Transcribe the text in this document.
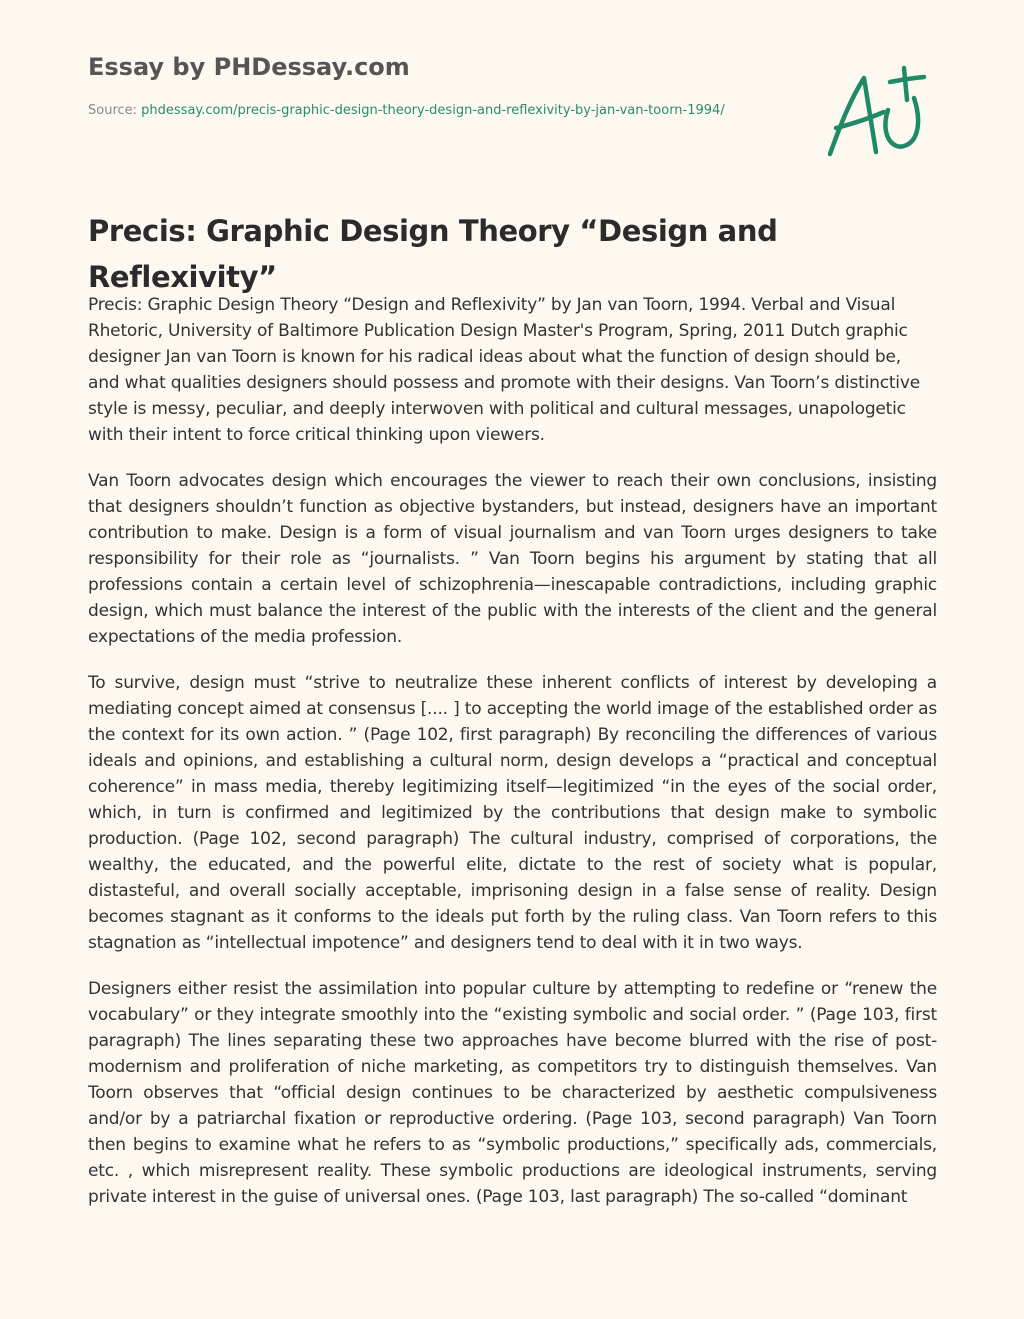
Essay by PHDessay.com
Source: phdessay.com/precis-graphic-design-theory-design-and-reflexivity-by-jan-van-toorn-1994/
Precis: Graphic Design Theory “Design and Reflexivity”

Precis: Graphic Design Theory “Design and Reflexivity” by Jan van Toorn, 1994. Verbal and Visual Rhetoric, University of Baltimore Publication Design Master's Program, Spring, 2011 Dutch graphic designer Jan van Toorn is known for his radical ideas about what the function of design should be, and what qualities designers should possess and promote with their designs. Van Toorn’s distinctive style is messy, peculiar, and deeply interwoven with political and cultural messages, unapologetic with their intent to force critical thinking upon viewers.

Van Toorn advocates design which encourages the viewer to reach their own conclusions, insisting that designers shouldn’t function as objective bystanders, but instead, designers have an important contribution to make. Design is a form of visual journalism and van Toorn urges designers to take responsibility for their role as “journalists. ” Van Toorn begins his argument by stating that all professions contain a certain level of schizophrenia—inescapable contradictions, including graphic design, which must balance the interest of the public with the interests of the client and the general expectations of the media profession.

To survive, design must “strive to neutralize these inherent conflicts of interest by developing a mediating concept aimed at consensus [.... ] to accepting the world image of the established order as the context for its own action. ” (Page 102, first paragraph) By reconciling the differences of various ideals and opinions, and establishing a cultural norm, design develops a “practical and conceptual coherence” in mass media, thereby legitimizing itself—legitimized “in the eyes of the social order, which, in turn is confirmed and legitimized by the contributions that design make to symbolic production. (Page 102, second paragraph) The cultural industry, comprised of corporations, the wealthy, the educated, and the powerful elite, dictate to the rest of society what is popular, distasteful, and overall socially acceptable, imprisoning design in a false sense of reality. Design becomes stagnant as it conforms to the ideals put forth by the ruling class. Van Toorn refers to this stagnation as “intellectual impotence” and designers tend to deal with it in two ways.

Designers either resist the assimilation into popular culture by attempting to redefine or “renew the vocabulary” or they integrate smoothly into the “existing symbolic and social order. ” (Page 103, first paragraph) The lines separating these two approaches have become blurred with the rise of post-modernism and proliferation of niche marketing, as competitors try to distinguish themselves. Van Toorn observes that “official design continues to be characterized by aesthetic compulsiveness and/or by a patriarchal fixation or reproductive ordering. (Page 103, second paragraph) Van Toorn then begins to examine what he refers to as “symbolic productions,” specifically ads, commercials, etc. , which misrepresent reality. These symbolic productions are ideological instruments, serving private interest in the guise of universal ones. (Page 103, last paragraph) The so-called “dominant
